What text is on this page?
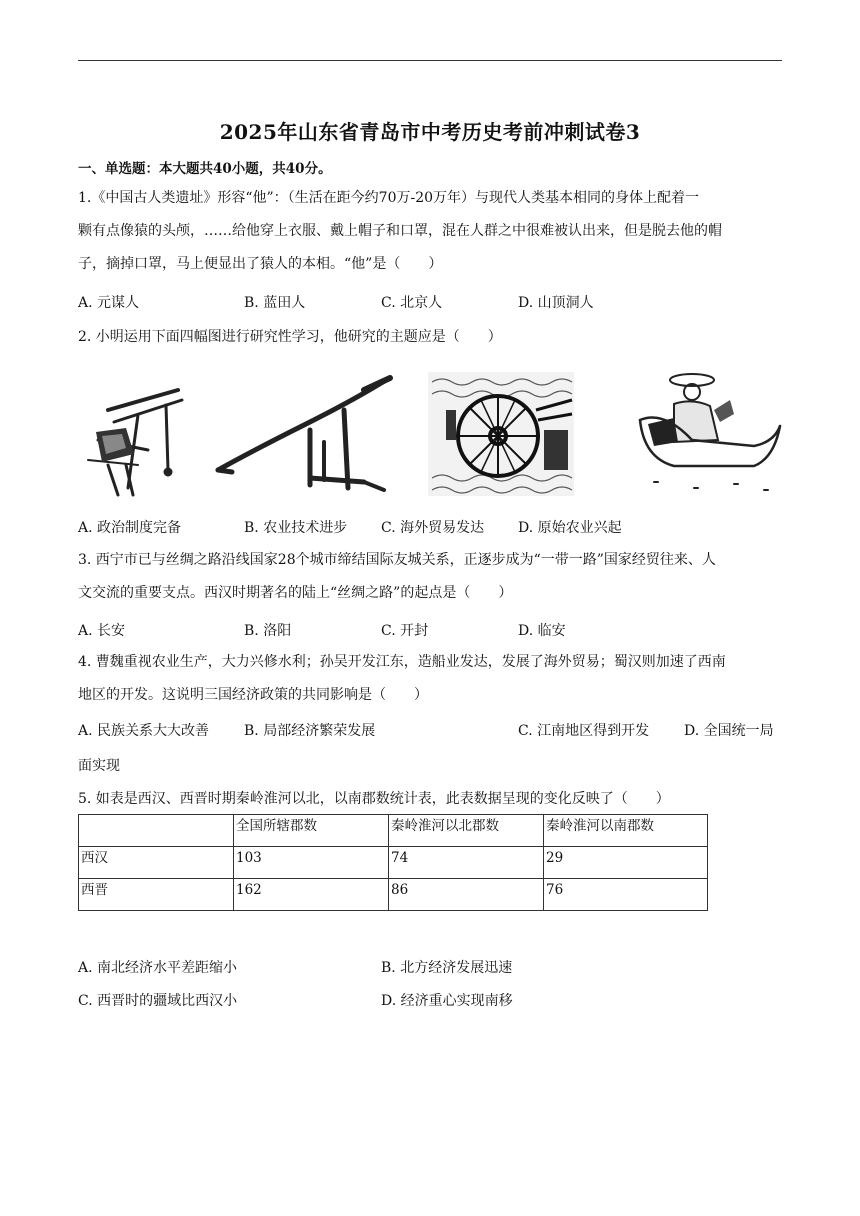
2025年山东省青岛市中考历史考前冲刺试卷3
一、单选题：本大题共40小题，共40分。
1.《中国古人类遗址》形容“他”：（生活在距今约70万-20万年）与现代人类基本相同的身体上配着一
颗有点像猿的头颅，……给他穿上衣服、戴上帽子和口罩，混在人群之中很难被认出来，但是脱去他的帽
子，摘掉口罩，马上便显出了猿人的本相。“他”是（　　）
A. 元谋人	B. 蓝田人	C. 北京人	D. 山顶洞人
2. 小明运用下面四幅图进行研究性学习，他研究的主题应是（　　）
A. 政治制度完备	B. 农业技术进步 C. 海外贸易发达 D. 原始农业兴起
3. 西宁市已与丝绸之路沿线国家28个城市缔结国际友城关系，正逐步成为“一带一路”国家经贸往来、人
文交流的重要支点。西汉时期著名的陆上“丝绸之路”的起点是（　　）
A. 长安	B. 洛阳	C. 开封	D. 临安
4. 曹魏重视农业生产，大力兴修水利；孙吴开发江东，造船业发达，发展了海外贸易；蜀汉则加速了西南
地区的开发。这说明三国经济政策的共同影响是（　　）
A. 民族关系大大改善 B. 局部经济繁荣发展	C. 江南地区得到开发 D. 全国统一局
面实现
5. 如表是西汉、西晋时期秦岭淮河以北，以南郡数统计表，此表数据呈现的变化反映了（　　）
	全国所辖郡数	秦岭淮河以北郡数	秦岭淮河以南郡数
西汉	103	74	29
西晋	162	86	76
A. 南北经济水平差距缩小	B. 北方经济发展迅速
C. 西晋时的疆域比西汉小	D. 经济重心实现南移
